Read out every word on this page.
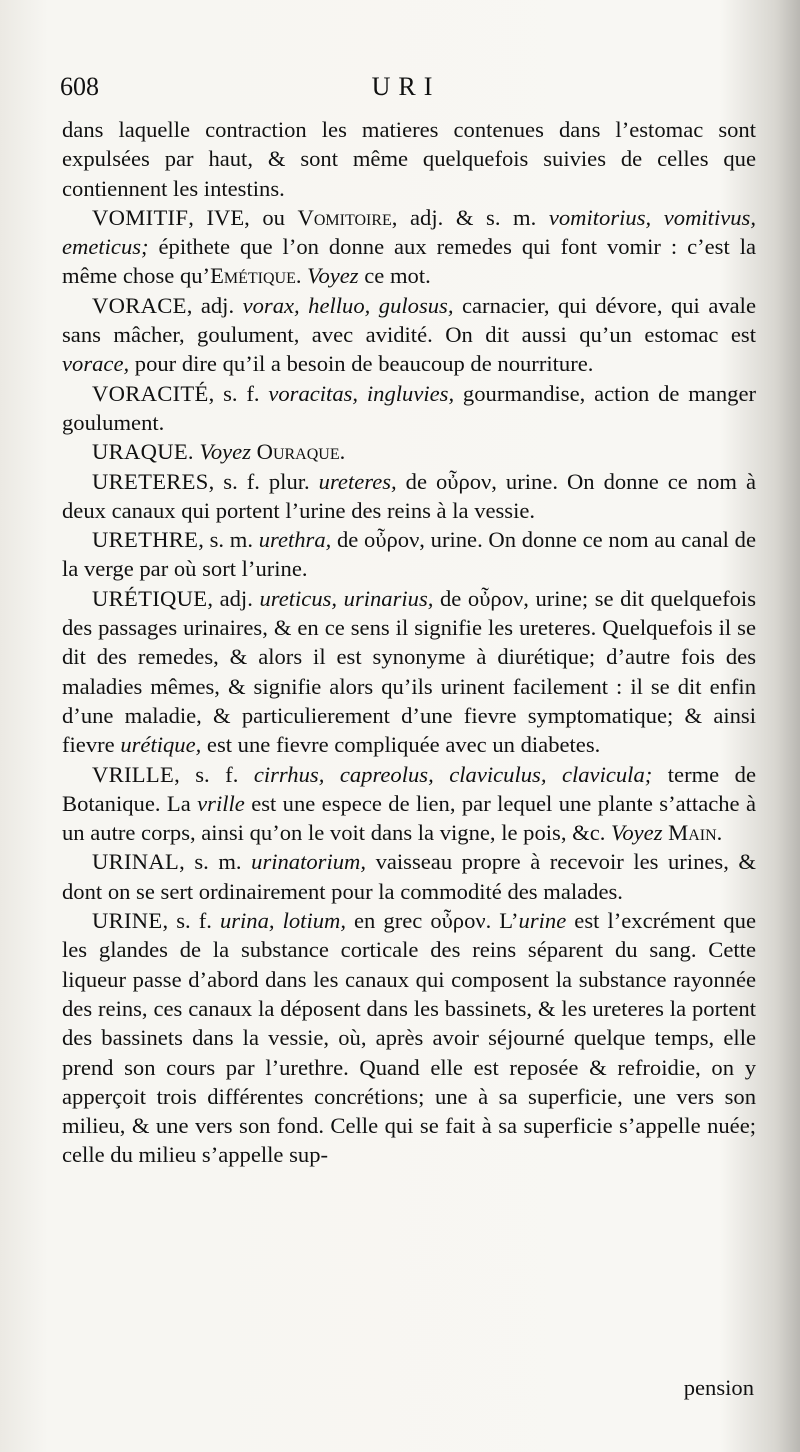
608	URI

dans laquelle contraction les matieres contenues dans l’estomac sont expulsées par haut, & sont même quelquefois suivies de celles que contiennent les intestins.

VOMITIF, IVE, ou Vomitoire, adj. & s. m. vomitorius, vomitivus, emeticus; épithete que l’on donne aux remedes qui font vomir : c’est la même chose qu’Emétique. Voyez ce mot.

VORACE, adj. vorax, helluo, gulosus, carnacier, qui dévore, qui avale sans mâcher, goulument, avec avidité. On dit aussi qu’un estomac est vorace, pour dire qu’il a besoin de beaucoup de nourriture.

VORACITÉ, s. f. voracitas, ingluvies, gourmandise, action de manger goulument.

URAQUE. Voyez Ouraque.

URETERES, s. f. plur. ureteres, de οὖρον, urine. On donne ce nom à deux canaux qui portent l’urine des reins à la vessie.

URETHRE, s. m. urethra, de οὖρον, urine. On donne ce nom au canal de la verge par où sort l’urine.

URÉTIQUE, adj. ureticus, urinarius, de οὖρον, urine; se dit quelquefois des passages urinaires, & en ce sens il signifie les ureteres. Quelquefois il se dit des remedes, & alors il est synonyme à diurétique; d’autre fois des maladies mêmes, & signifie alors qu’ils urinent facilement : il se dit enfin d’une maladie, & particulierement d’une fievre symptomatique; & ainsi fievre urétique, est une fievre compliquée avec un diabetes.

VRILLE, s. f. cirrhus, capreolus, claviculus, clavicula; terme de Botanique. La vrille est une espece de lien, par lequel une plante s’attache à un autre corps, ainsi qu’on le voit dans la vigne, le pois, &c. Voyez Main.

URINAL, s. m. urinatorium, vaisseau propre à recevoir les urines, & dont on se sert ordinairement pour la commodité des malades.

URINE, s. f. urina, lotium, en grec οὖρον. L’urine est l’excrément que les glandes de la substance corticale des reins séparent du sang. Cette liqueur passe d’abord dans les canaux qui composent la substance rayonnée des reins, ces canaux la déposent dans les bassinets, & les ureteres la portent des bassinets dans la vessie, où, après avoir séjourné quelque temps, elle prend son cours par l’urethre. Quand elle est reposée & refroidie, on y apperçoit trois différentes concrétions; une à sa superficie, une vers son milieu, & une vers son fond. Celle qui se fait à sa superficie s’appelle nuée; celle du milieu s’appelle sup-

pension
